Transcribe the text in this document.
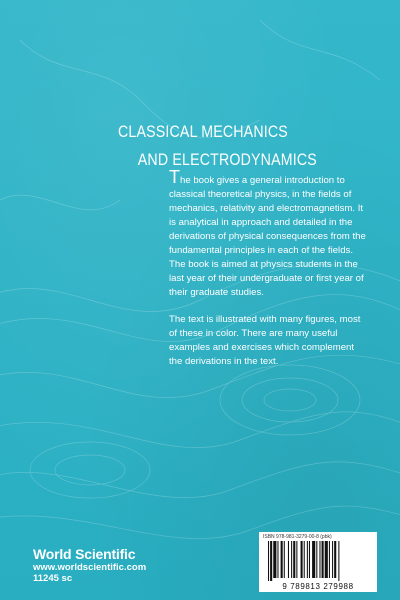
CLASSICAL MECHANICS
AND ELECTRODYNAMICS

The book gives a general introduction to classical theoretical physics, in the fields of mechanics, relativity and electromagnetism. It is analytical in approach and detailed in the derivations of physical consequences from the fundamental principles in each of the fields. The book is aimed at physics students in the last year of their undergraduate or first year of their graduate studies.

The text is illustrated with many figures, most of these in color. There are many useful examples and exercises which complement the derivations in the text.

World Scientific
www.worldscientific.com
11245 sc
ISBN 978-981-3279-00-8 (pbk)
9 789813 279988
